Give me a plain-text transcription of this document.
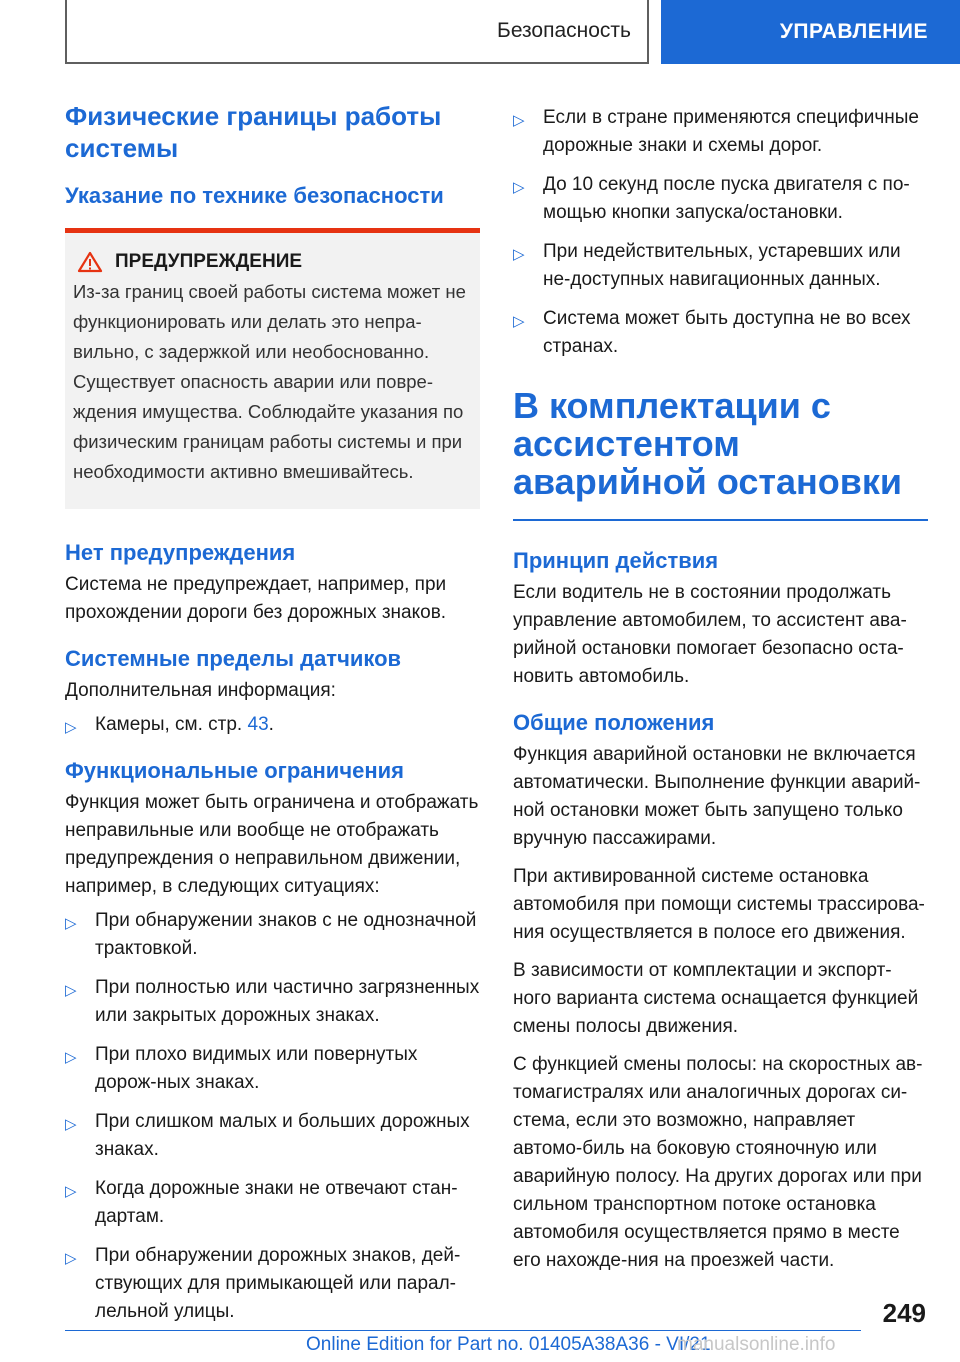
Безопасность	УПРАВЛЕНИЕ
Физические границы работы системы
Указание по технике безопасности
ПРЕДУПРЕЖДЕНИЕ

Из-за границ своей работы система может не функционировать или делать это непра-вильно, с задержкой или необоснованно. Существует опасность аварии или повре-ждения имущества. Соблюдайте указания по физическим границам работы системы и при необходимости активно вмешивайтесь.

Нет предупреждения

Система не предупреждает, например, при прохождении дороги без дорожных знаков.

Системные пределы датчиков

Дополнительная информация:

▷ Камеры, см. стр. 43.
Функциональные ограничения

Функция может быть ограничена и отображать неправильные или вообще не отображать предупреждения о неправильном движении, например, в следующих ситуациях:

▷ При обнаружении знаков с не однозначной трактовкой.
▷ При полностью или частично загрязненных или закрытых дорожных знаках.
▷ При плохо видимых или повернутых дорож-ных знаках.
▷ При слишком малых и больших дорожных знаках.
▷ Когда дорожные знаки не отвечают стан-дартам.
▷ При обнаружении дорожных знаков, дей-ствующих для примыкающей или парал-лельной улицы.
▷ Если в стране применяются специфичные дорожные знаки и схемы дорог.
▷ До 10 секунд после пуска двигателя с по-мощью кнопки запуска/остановки.
▷ При недействительных, устаревших или не-доступных навигационных данных.
▷ Система может быть доступна не во всех странах.
В комплектации с ассистентом аварийной остановки
Принцип действия

Если водитель не в состоянии продолжать управление автомобилем, то ассистент ава-рийной остановки помогает безопасно оста-новить автомобиль.

Общие положения

Функция аварийной остановки не включается автоматически. Выполнение функции аварий-ной остановки может быть запущено только вручную пассажирами.

При активированной системе остановка автомобиля при помощи системы трассирова-ния осуществляется в полосе его движения.

В зависимости от комплектации и экспорт-ного варианта система оснащается функцией смены полосы движения.

С функцией смены полосы: на скоростных ав-томагистралях или аналогичных дорогах си-стема, если это возможно, направляет автомо-биль на боковую стояночную или аварийную полосу. На других дорогах или при сильном транспортном потоке остановка автомобиля осуществляется прямо в месте его нахожде-ния на проезжей части.

249
Online Edition for Part no. 01405A38A36 - VI/21
manualsonline.info
